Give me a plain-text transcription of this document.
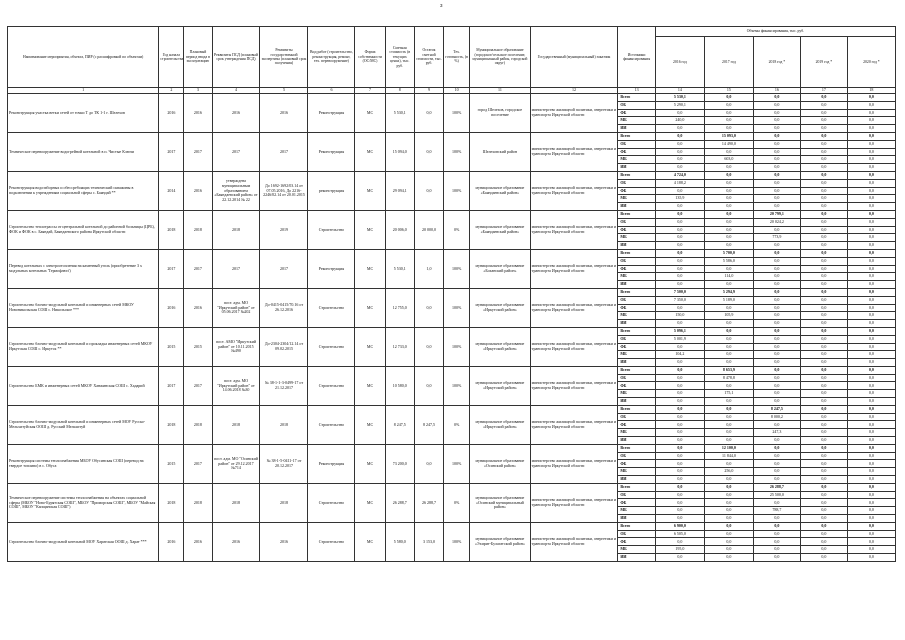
3
Наименование мероприятия, объекта, ПИР (с расшифровкой по объектам)	Год начала строительства	Плановый период ввода в эксплуатацию	Реквизиты ПСД (плановый срок утверждения ПСД)	Реквизиты государственной экспертизы (плановый срок получения)	Вид работ (строительство, реконструкция, ремонт, тех. перевооружение)	Форма собственности (ОС/МС)	Сметная стоимость (в текущих ценах), тыс. руб.	Остаток сметной стоимости, тыс. руб.	Тех. готовность, (в %)	Муниципальное образование (городское/сельское поселение, муниципальный район, городской округ)	Государственный (муниципальный) заказчик	Источники финансирования	Объемы финансирования, тыс. руб.				
													2016 год	2017 год	2018 год *	2019 год *	2020 год *
1	2	3	4	5	6	7	8	9	10	11	12	13	14	15	16	17	18
Реконструкция участка ветки сетей от точки Т до ТК 1-1 г. Шелехов	2016	2016	2016	2016	Реконструкция	МС	5 530,1	0,0	100%	город Шелехов, городское поселение	министерство жилищной политики, энергетики и транспорта Иркутской области	Всего	5 530,1	0,0	0,0	0,0	0,0
												ОБ	5 290,1	0,0	0,0	0,0	0,0
												ФБ	0,0	0,0	0,0	0,0	0,0
												МБ	240,0	0,0	0,0	0,0	0,0
												ИИ	0,0	0,0	0,0	0,0	0,0
Техническое перевооружение водогрейной котельной в п. Чистые Ключи	2017	2017	2017	2017	Реконструкция	МС	15 094,0	0,0	100%	Шелеховский район	министерство жилищной политики, энергетики и транспорта Иркутской области	Всего	0,0	15 093,0	0,0	0,0	0,0
												ОБ	0,0	14 490,0	0,0	0,0	0,0
												ФБ	0,0	0,0	0,0	0,0	0,0
												МБ	0,0	603,0	0,0	0,0	0,0
												ИИ	0,0	0,0	0,0	0,0	0,0
Реконструкция водозаборных и обессребоящих технический скважины в подключении к учреждениям социальной сферы с. Баяндай **	2014	2016	утверждена муниципальным образованием «Баяндаевский район» от 22.12.2014 № 22	До 1692-1692/03.14 от 07.05.2016, До 2216-2246/02.14 от 20.01.2015	реконструкция	МС	29 094,1	0,0	100%	муниципальное образование «Баяндаевский район»	министерство жилищной политики, энергетики и транспорта Иркутской области	Всего	4 724,0	0,0	0,0	0,0	0,0
												ОБ	4 188,2	0,0	0,0	0,0	0,0
												ФБ	0,0	0,0	0,0	0,0	0,0
												МБ	135,9	0,0	0,0	0,0	0,0
												ИИ	0,0	0,0	0,0	0,0	0,0
Строительство теплотрассы от центральной котельной до районной больницы (ЦРБ), ФОК и ФОК в с. Баяндай, Баяндаевского района Иркутской области	2018	2018	2018	2019	Строительство	МС	20 006,0	20 000,0	0%	муниципальное образование «Баяндаевский район»	министерство жилищной политики, энергетики и транспорта Иркутской области	Всего	0,0	0,0	20 799,1	0,0	0,0
												ОБ	0,0	0,0	20 024,2	0,0	0,0
												ФБ	0,0	0,0	0,0	0,0	0,0
												МБ	0,0	0,0	773,9	0,0	0,0
												ИИ	0,0	0,0	0,0	0,0	0,0
Перевод котельных с электроотопления на каменный уголь (приобретение 3 х модульных котельных 'Термофлюп')	2017	2017	2017	2017	Реконструкция	МС	5 530,1	1,0	100%	муниципальное образование «Боханский район»	министерство жилищной политики, энергетики и транспорта Иркутской области	Всего	0,0	5 700,0	0,0	0,0	0,0
												ОБ	0,0	5 586,0	0,0	0,0	0,0
												ФБ	0,0	0,0	0,0	0,0	0,0
												МБ	0,0	114,0	0,0	0,0	0,0
												ИИ	0,0	0,0	0,0	0,0	0,0
Строительство блочно-модульной котельной и инженерных сетей МКОУ Новоникольская СОШ с. Никольское ***	2016	2016	пост. адм. МО "Иркутский район" от 05.06.2017 №202	До-0415-0415/70.16 от 26.12.2016	Строительство	МС	12 755,0	0,0	100%	муниципальное образование «Иркутский район»	министерство жилищной политики, энергетики и транспорта Иркутской области	Всего	7 500,0	5 294,9	0,0	0,0	0,0
												ОБ	7 350,0	5 189,0	0,0	0,0	0,0
												ФБ	0,0	0,0	0,0	0,0	0,0
												МБ	150,0	105,9	0,0	0,0	0,0
												ИИ	0,0	0,0	0,0	0,0	0,0
Строительство блочно-модульной котельной и прокладка инженерных сетей МКОУ Иркутская СОШ с. Иркутск **	2015	2015	пост. АМО "Иркутский район" от 10.11.2015 №490	До-2304-2304/12.14 от 09.02.2015	Строительство	МС	12 733,0	0,0	100%	муниципальное образование «Иркутский район»	министерство жилищной политики, энергетики и транспорта Иркутской области	Всего	5 096,1	0,0	0,0	0,0	0,0
												ОБ	5 001,9	0,0	0,0	0,0	0,0
												ФБ	0,0	0,0	0,0	0,0	0,0
												МБ	104,2	0,0	0,0	0,0	0,0
												ИИ	0,0	0,0	0,0	0,0	0,0
Строительство БМК и инженерных сетей МКОУ Ханжинская СОШ с. Хадарий	2017	2017	пост. адм. МО "Иркутский район" от 14.06.2018 №30	№ 38-1-1-3-0499-17 от 21.12.2017	Строительство	МС	10 580,0	0,0	100%	муниципальное образование «Иркутский район»	министерство жилищной политики, энергетики и транспорта Иркутской области	Всего	0,0	8 653,9	0,0	0,0	0,0
												ОБ	0,0	8 478,8	0,0	0,0	0,0
												ФБ	0,0	0,0	0,0	0,0	0,0
												МБ	0,0	175,1	0,0	0,0	0,0
												ИИ	0,0	0,0	0,0	0,0	0,0
Строительство блочно-модульной котельной и инженерных сетей МОУ Русско-Мельхитуйская ООШ д. Русский Мельхитуй	2018	2018	2018	2018	Строительство	МС	8 247,5	8 247,5	0%	муниципальное образование «Иркутский район»	министерство жилищной политики, энергетики и транспорта Иркутской области	Всего	0,0	0,0	8 247,5	0,0	0,0
												ОБ	0,0	0,0	8 000,2	0,0	0,0
												ФБ	0,0	0,0	0,0	0,0	0,0
												МБ	0,0	0,0	247,3	0,0	0,0
												ИИ	0,0	0,0	0,0	0,0	0,0
Реконструкция системы теплоснабжения МБОУ Обусинская СОШ (перевод на твердое топливо) в с. Обуса	2015	2017	пост. адм. МО "Осинский район" от 29.12.2017 №714	№ 38-1-5-0411-17 от 20.12.2017	Реконструкция	МС	73 200,0	0,0	100%	муниципальное образование «Осинский район»	министерство жилищной политики, энергетики и транспорта Иркутской области	Всего	0,0	12 100,0	0,0	0,0	0,0
												ОБ	0,0	11 844,0	0,0	0,0	0,0
												ФБ	0,0	0,0	0,0	0,0	0,0
												МБ	0,0	256,0	0,0	0,0	0,0
												ИИ	0,0	0,0	0,0	0,0	0,0
Техническое перевооружение системы теплоснабжения на объектах социальной сферы (МБОУ "Ново-Бурятская СОШ", МБОУ "Приморская СОШ", МБОУ "Майская СОШ", МБОУ "Капщанская СОШ")	2018	2018	2018	2018	Строительство	МС	26 288,7	26 288,7	0%	муниципальное образование «Осинский муниципальный район»	министерство жилищной политики, энергетики и транспорта Иркутской области	Всего	0,0	0,0	26 288,7	0,0	0,0
												ОБ	0,0	0,0	25 500,0	0,0	0,0
												ФБ	0,0	0,0	0,0	0,0	0,0
												МБ	0,0	0,0	788,7	0,0	0,0
												ИИ	0,0	0,0	0,0	0,0	0,0
Строительство блочно-модульной котельной МОУ Харатская ООШ д. Харат ***	2016	2016	2016	2016	Строительство	МС	5 580,0	3 153,0	100%	муниципальное образование «Эхирит-Булагатский район»	министерство жилищной политики, энергетики и транспорта Иркутской области	Всего	6 900,0	0,0	0,0	0,0	0,0
												ОБ	6 505,0	0,0	0,0	0,0	0,0
												ФБ	0,0	0,0	0,0	0,0	0,0
												МБ	195,0	0,0	0,0	0,0	0,0
												ИИ	0,0	0,0	0,0	0,0	0,0
